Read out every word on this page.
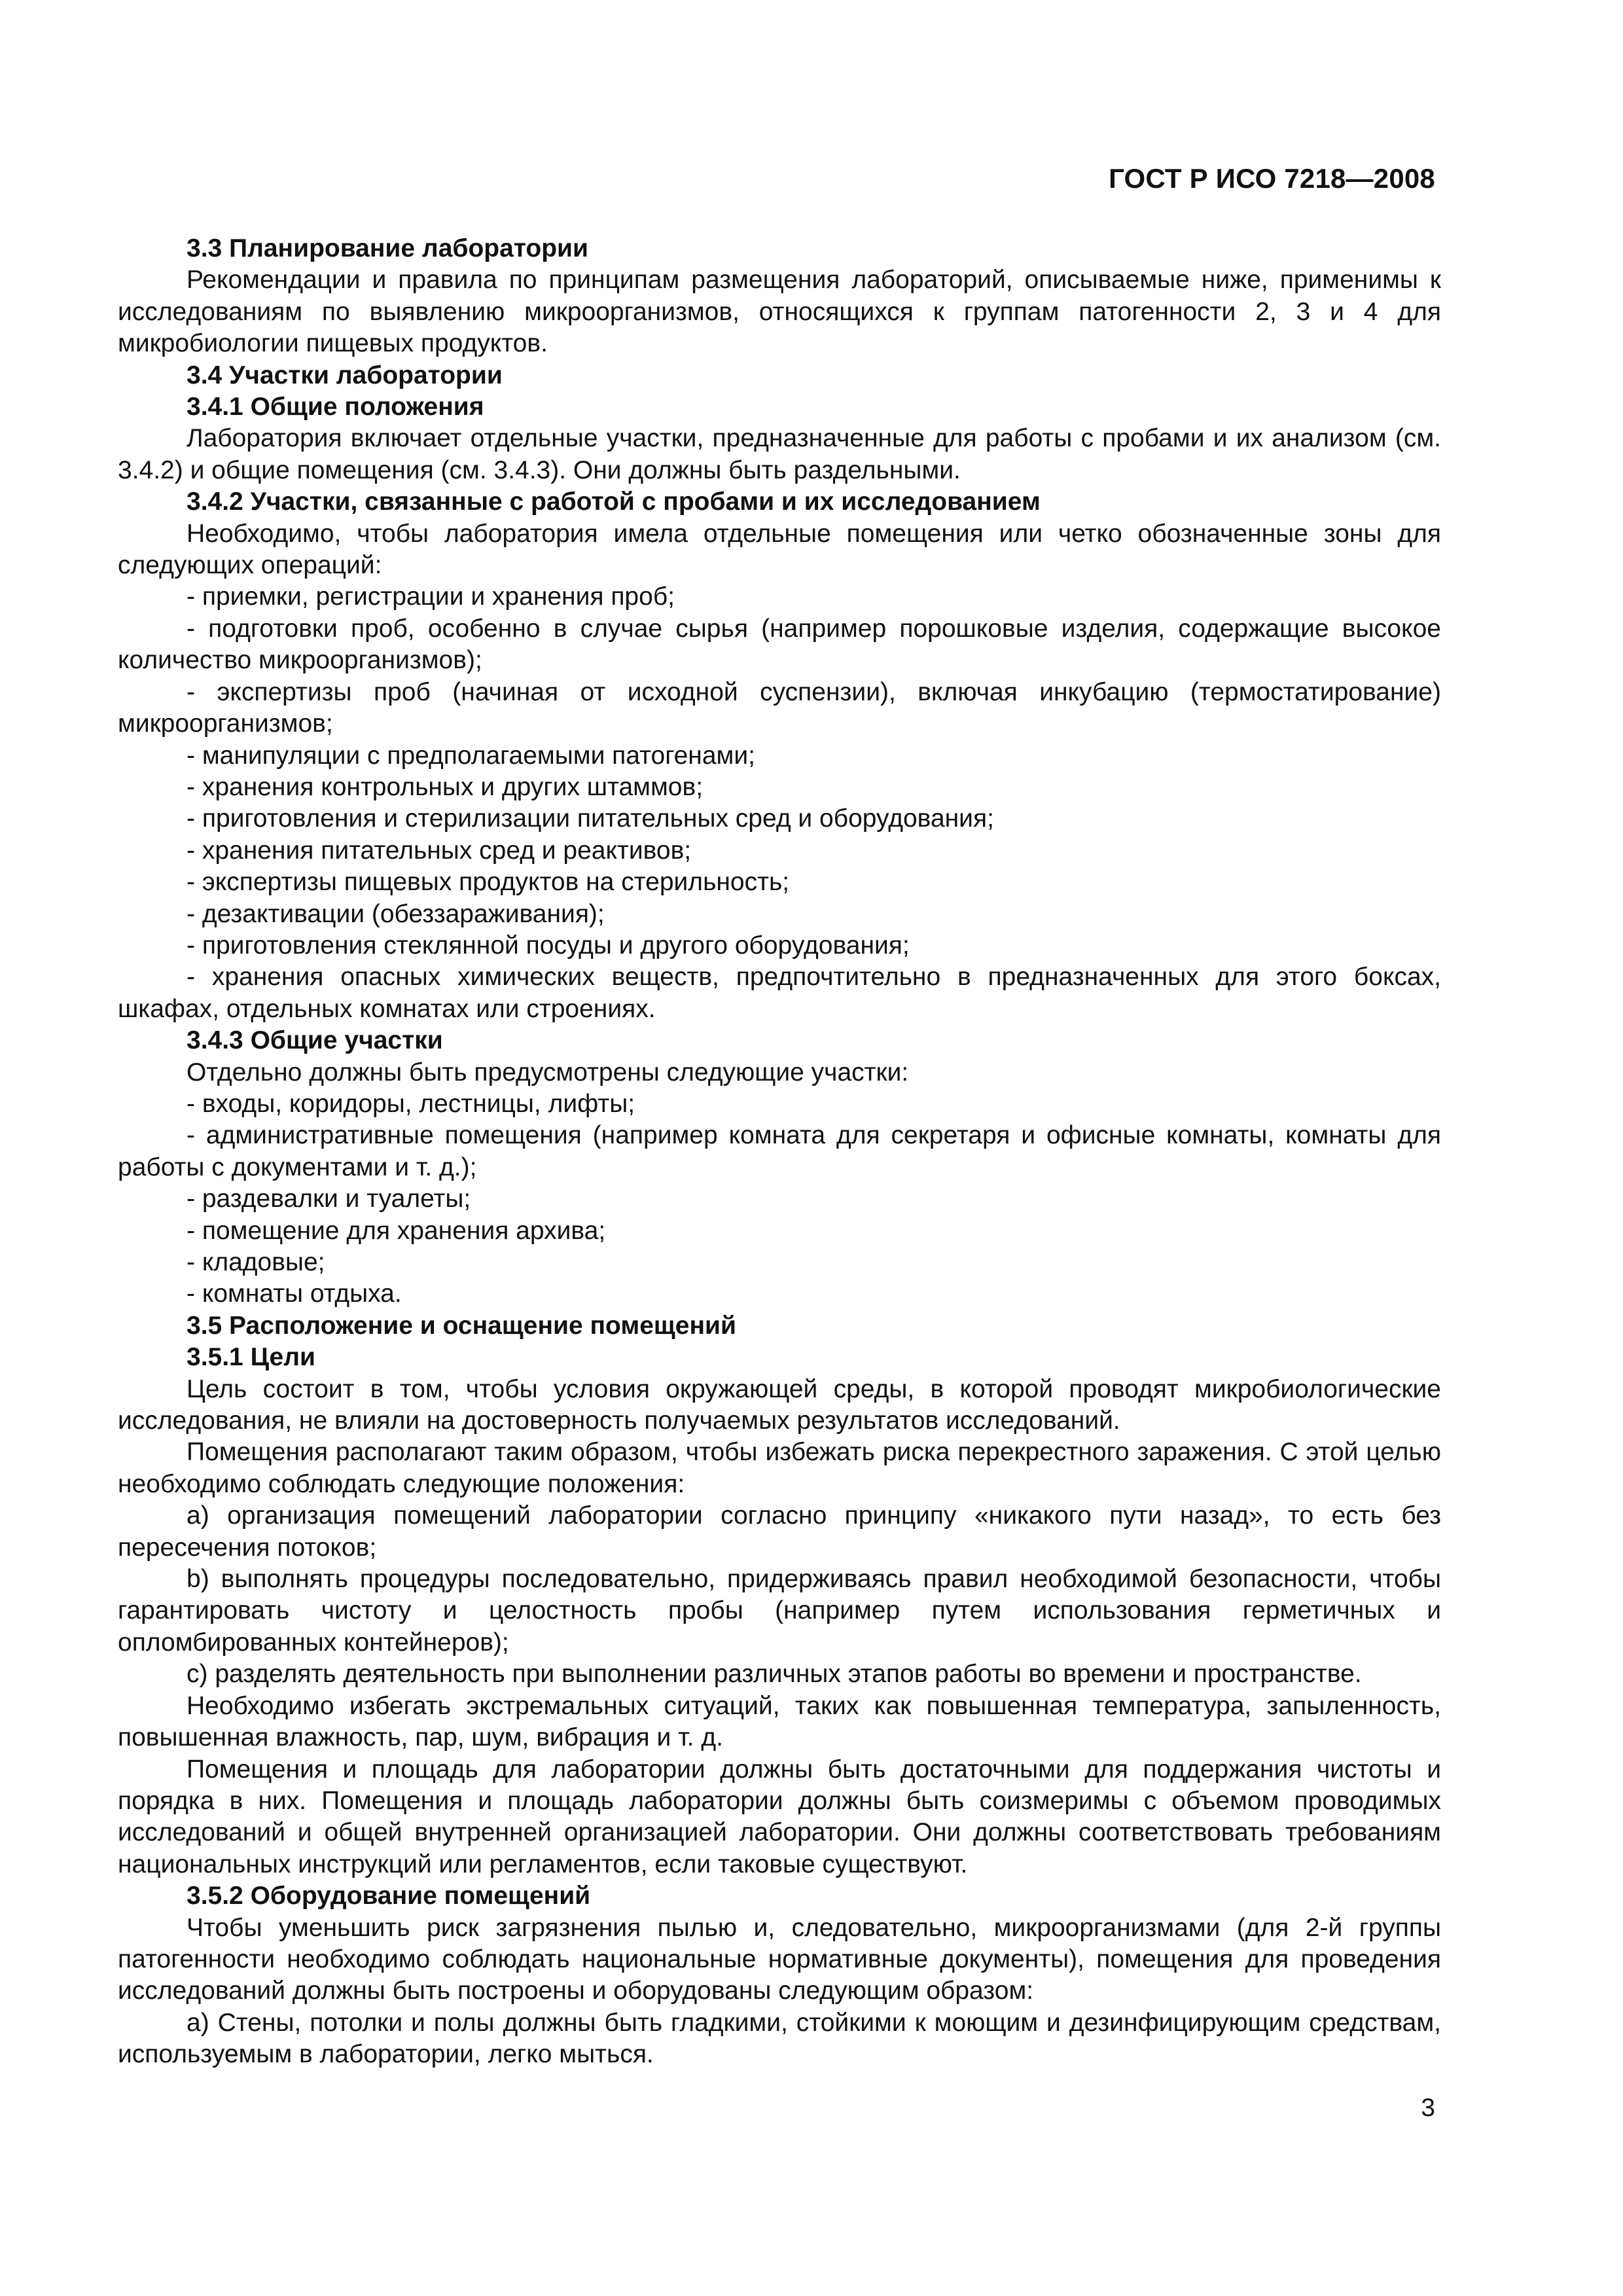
ГОСТ Р ИСО 7218—2008

3.3 Планирование лаборатории

Рекомендации и правила по принципам размещения лабораторий, описываемые ниже, применимы к исследованиям по выявлению микроорганизмов, относящихся к группам патогенности 2, 3 и 4 для микробиологии пищевых продуктов.

3.4 Участки лаборатории

3.4.1 Общие положения

Лаборатория включает отдельные участки, предназначенные для работы с пробами и их анализом (см. 3.4.2) и общие помещения (см. 3.4.3). Они должны быть раздельными.

3.4.2 Участки, связанные с работой с пробами и их исследованием

Необходимо, чтобы лаборатория имела отдельные помещения или четко обозначенные зоны для следующих операций:

- приемки, регистрации и хранения проб;

- подготовки проб, особенно в случае сырья (например порошковые изделия, содержащие высокое количество микроорганизмов);

- экспертизы проб (начиная от исходной суспензии), включая инкубацию (термостатирование) микроорганизмов;

- манипуляции с предполагаемыми патогенами;

- хранения контрольных и других штаммов;

- приготовления и стерилизации питательных сред и оборудования;

- хранения питательных сред и реактивов;

- экспертизы пищевых продуктов на стерильность;

- дезактивации (обеззараживания);

- приготовления стеклянной посуды и другого оборудования;

- хранения опасных химических веществ, предпочтительно в предназначенных для этого боксах, шкафах, отдельных комнатах или строениях.

3.4.3 Общие участки

Отдельно должны быть предусмотрены следующие участки:

- входы, коридоры, лестницы, лифты;

- административные помещения (например комната для секретаря и офисные комнаты, комнаты для работы с документами и т. д.);

- раздевалки и туалеты;

- помещение для хранения архива;

- кладовые;

- комнаты отдыха.

3.5 Расположение и оснащение помещений

3.5.1 Цели

Цель состоит в том, чтобы условия окружающей среды, в которой проводят микробиологические исследования, не влияли на достоверность получаемых результатов исследований.

Помещения располагают таким образом, чтобы избежать риска перекрестного заражения. С этой целью необходимо соблюдать следующие положения:

а) организация помещений лаборатории согласно принципу «никакого пути назад», то есть без пересечения потоков;

b) выполнять процедуры последовательно, придерживаясь правил необходимой безопасности, чтобы гарантировать чистоту и целостность пробы (например путем использования герметичных и опломбированных контейнеров);

с) разделять деятельность при выполнении различных этапов работы во времени и пространстве.

Необходимо избегать экстремальных ситуаций, таких как повышенная температура, запыленность, повышенная влажность, пар, шум, вибрация и т. д.

Помещения и площадь для лаборатории должны быть достаточными для поддержания чистоты и порядка в них. Помещения и площадь лаборатории должны быть соизмеримы с объемом проводимых исследований и общей внутренней организацией лаборатории. Они должны соответствовать требованиям национальных инструкций или регламентов, если таковые существуют.

3.5.2 Оборудование помещений

Чтобы уменьшить риск загрязнения пылью и, следовательно, микроорганизмами (для 2-й группы патогенности необходимо соблюдать национальные нормативные документы), помещения для проведения исследований должны быть построены и оборудованы следующим образом:

а) Стены, потолки и полы должны быть гладкими, стойкими к моющим и дезинфицирующим средствам, используемым в лаборатории, легко мыться.

3
